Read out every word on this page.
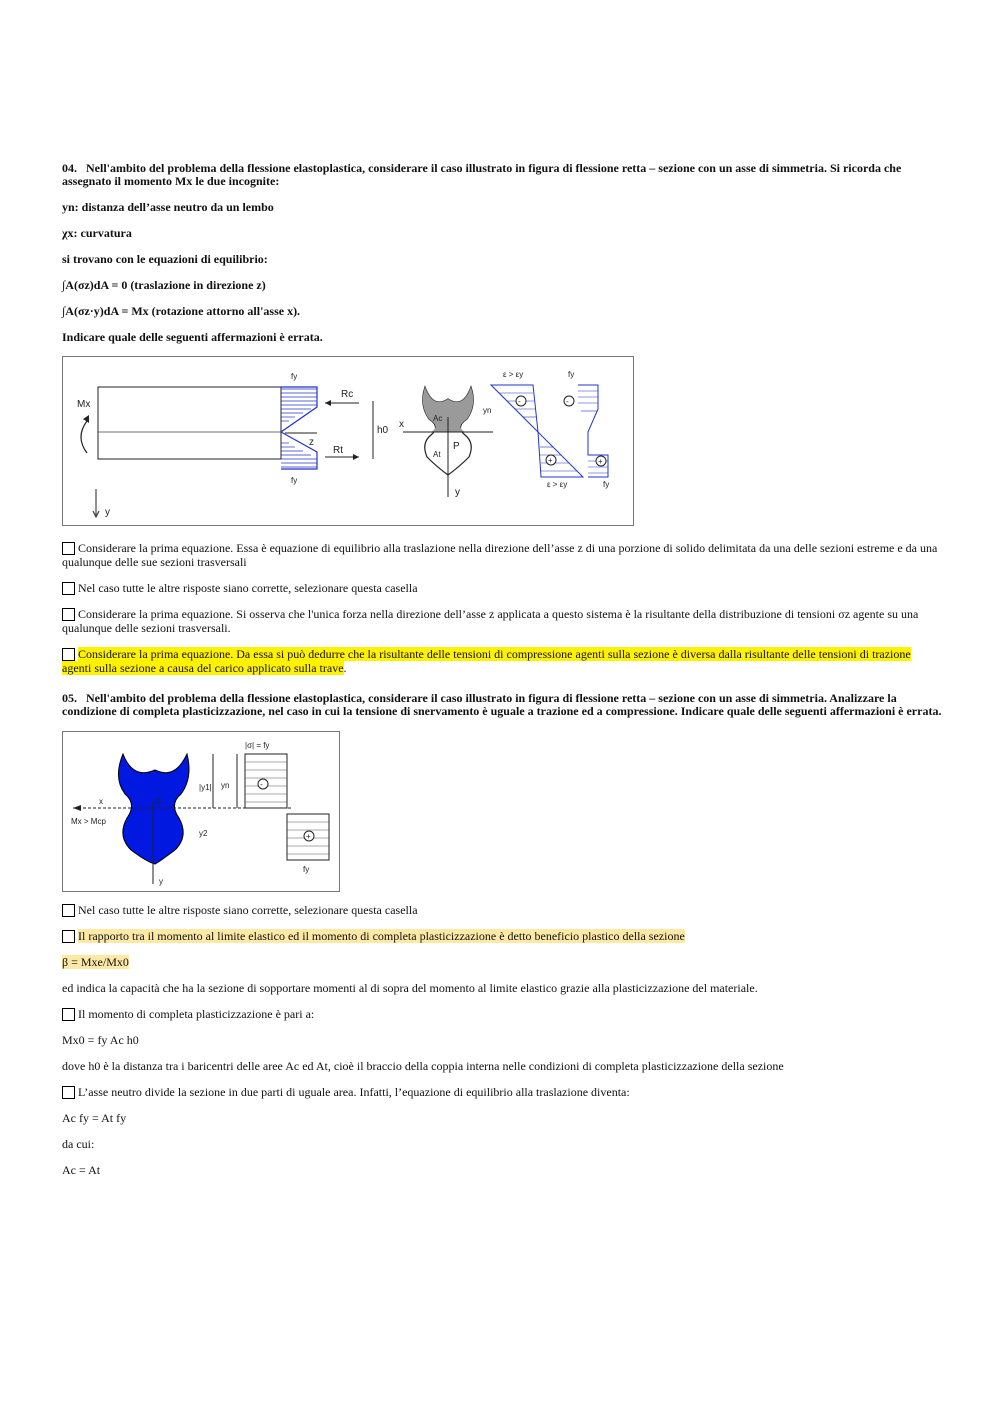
04. Nell'ambito del problema della flessione elastoplastica, considerare il caso illustrato in figura di flessione retta – sezione con un asse di simmetria. Si ricorda che assegnato il momento Mx le due incognite:

yn: distanza dell’asse neutro da un lembo

χx: curvatura

si trovano con le equazioni di equilibrio:

∫A(σz)dA = 0 (traslazione in direzione z)

∫A(σz·y)dA = Mx (rotazione attorno all'asse x).

Indicare quale delle seguenti affermazioni è errata.

Mx
y
fy
fy
Rc
Rt
z
h0
x
Ac
At
P
y
yn
-
+
ε > εy
ε > εy
-
+
fy
fy

Considerare la prima equazione. Essa è equazione di equilibrio alla traslazione nella direzione dell’asse z di una porzione di solido delimitata da una delle sezioni estreme e da una qualunque delle sue sezioni trasversali

Nel caso tutte le altre risposte siano corrette, selezionare questa casella

Considerare la prima equazione. Si osserva che l'unica forza nella direzione dell’asse z applicata a questo sistema è la risultante della distribuzione di tensioni σz agente su una qualunque delle sezioni trasversali.

Considerare la prima equazione. Da essa si può dedurre che la risultante delle tensioni di compressione agenti sulla sezione è diversa dalla risultante delle tensioni di trazione agenti sulla sezione a causa del carico applicato sulla trave.

05. Nell'ambito del problema della flessione elastoplastica, considerare il caso illustrato in figura di flessione retta – sezione con un asse di simmetria. Analizzare la condizione di completa plasticizzazione, nel caso in cui la tensione di snervamento è uguale a trazione ed a compressione. Indicare quale delle seguenti affermazioni è errata.

x
Mx > Mcp
y
G
|y1| yn
y2
|σ| = fy
-
+
fy

Nel caso tutte le altre risposte siano corrette, selezionare questa casella

Il rapporto tra il momento al limite elastico ed il momento di completa plasticizzazione è detto beneficio plastico della sezione

β = Mxe/Mx0

ed indica la capacità che ha la sezione di sopportare momenti al di sopra del momento al limite elastico grazie alla plasticizzazione del materiale.

Il momento di completa plasticizzazione è pari a:

Mx0 = fy Ac h0

dove h0 è la distanza tra i baricentri delle aree Ac ed At, cioè il braccio della coppia interna nelle condizioni di completa plasticizzazione della sezione

L’asse neutro divide la sezione in due parti di uguale area. Infatti, l’equazione di equilibrio alla traslazione diventa:

Ac fy = At fy

da cui:

Ac = At
